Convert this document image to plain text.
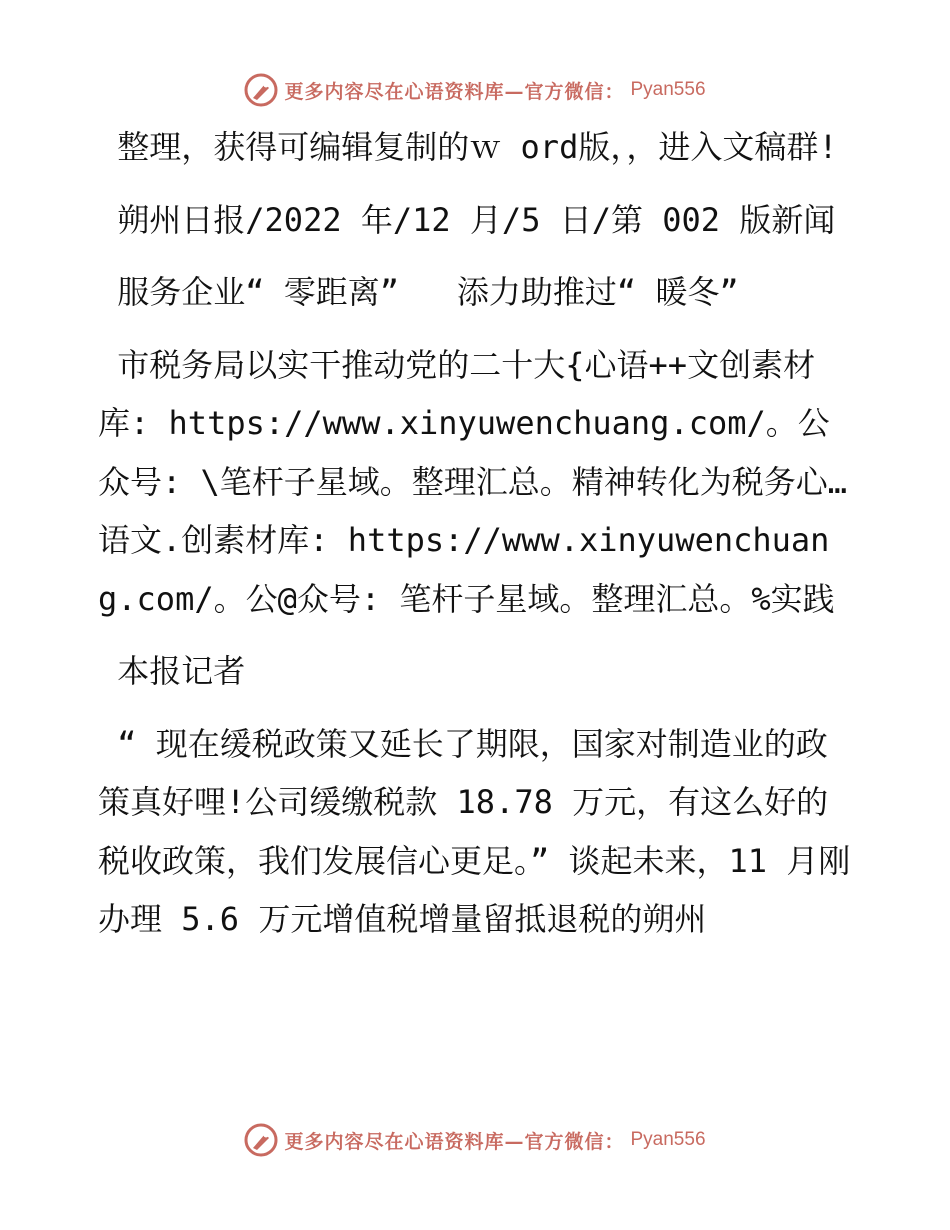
更多内容尽在心语资料库—官方微信： Pyan556

整理，获得可编辑复制的ｗ ord版，，进入文稿群!

朔州日报/2022 年/12 月/5 日/第 002 版新闻

服务企业“ 零距离”   添力助推过“ 暖冬”

市税务局以实干推动党的二十大{心语++文创素材库: https://www.xinyuwenchuang.com/。公众号: \笔杆子星域。整理汇总。精神转化为税务心…语文.创素材库: https://www.xinyuwenchuang.com/。公@众号: 笔杆子星域。整理汇总。%实践

本报记者

“ 现在缓税政策又延长了期限，国家对制造业的政策真好哩!公司缓缴税款 18.78 万元，有这么好的税收政策，我们发展信心更足。” 谈起未来，11 月刚办理 5.6 万元增值税增量留抵退税的朔州

更多内容尽在心语资料库—官方微信： Pyan556
